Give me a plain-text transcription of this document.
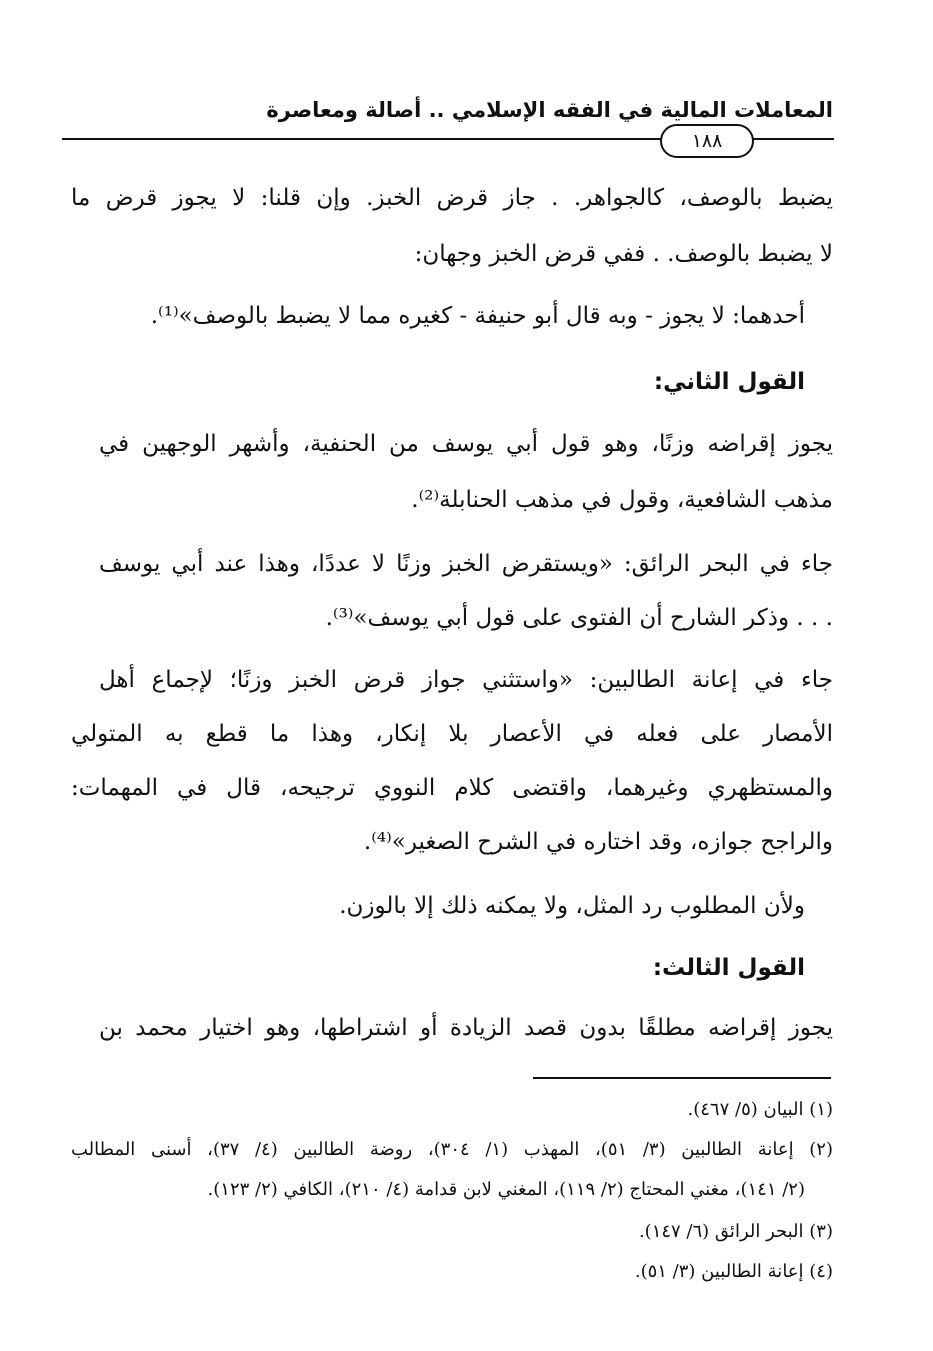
المعاملات المالية في الفقه الإسلامي .. أصالة ومعاصرة
١٨٨
يضبط بالوصف، كالجواهر. . جاز قرض الخبز. وإن قلنا: لا يجوز قرض ما
لا يضبط بالوصف. . ففي قرض الخبز وجهان:
أحدهما: لا يجوز - وبه قال أبو حنيفة - كغيره مما لا يضبط بالوصف»⁽¹⁾.
القول الثاني:
يجوز إقراضه وزنًا، وهو قول أبي يوسف من الحنفية، وأشهر الوجهين في
مذهب الشافعية، وقول في مذهب الحنابلة⁽²⁾.
جاء في البحر الرائق: «ويستقرض الخبز وزنًا لا عددًا، وهذا عند أبي يوسف
. . . وذكر الشارح أن الفتوى على قول أبي يوسف»⁽³⁾.
جاء في إعانة الطالبين: «واستثني جواز قرض الخبز وزنًا؛ لإجماع أهل
الأمصار على فعله في الأعصار بلا إنكار، وهذا ما قطع به المتولي
والمستظهري وغيرهما، واقتضى كلام النووي ترجيحه، قال في المهمات:
والراجح جوازه، وقد اختاره في الشرح الصغير»⁽⁴⁾.
ولأن المطلوب رد المثل، ولا يمكنه ذلك إلا بالوزن.
القول الثالث:
يجوز إقراضه مطلقًا بدون قصد الزيادة أو اشتراطها، وهو اختيار محمد بن
(١) البيان (٥/ ٤٦٧).
(٢) إعانة الطالبين (٣/ ٥١)، المهذب (١/ ٣٠٤)، روضة الطالبين (٤/ ٣٧)، أسنى المطالب
(٢/ ١٤١)، مغني المحتاج (٢/ ١١٩)، المغني لابن قدامة (٤/ ٢١٠)، الكافي (٢/ ١٢٣).
(٣) البحر الرائق (٦/ ١٤٧).
(٤) إعانة الطالبين (٣/ ٥١).
